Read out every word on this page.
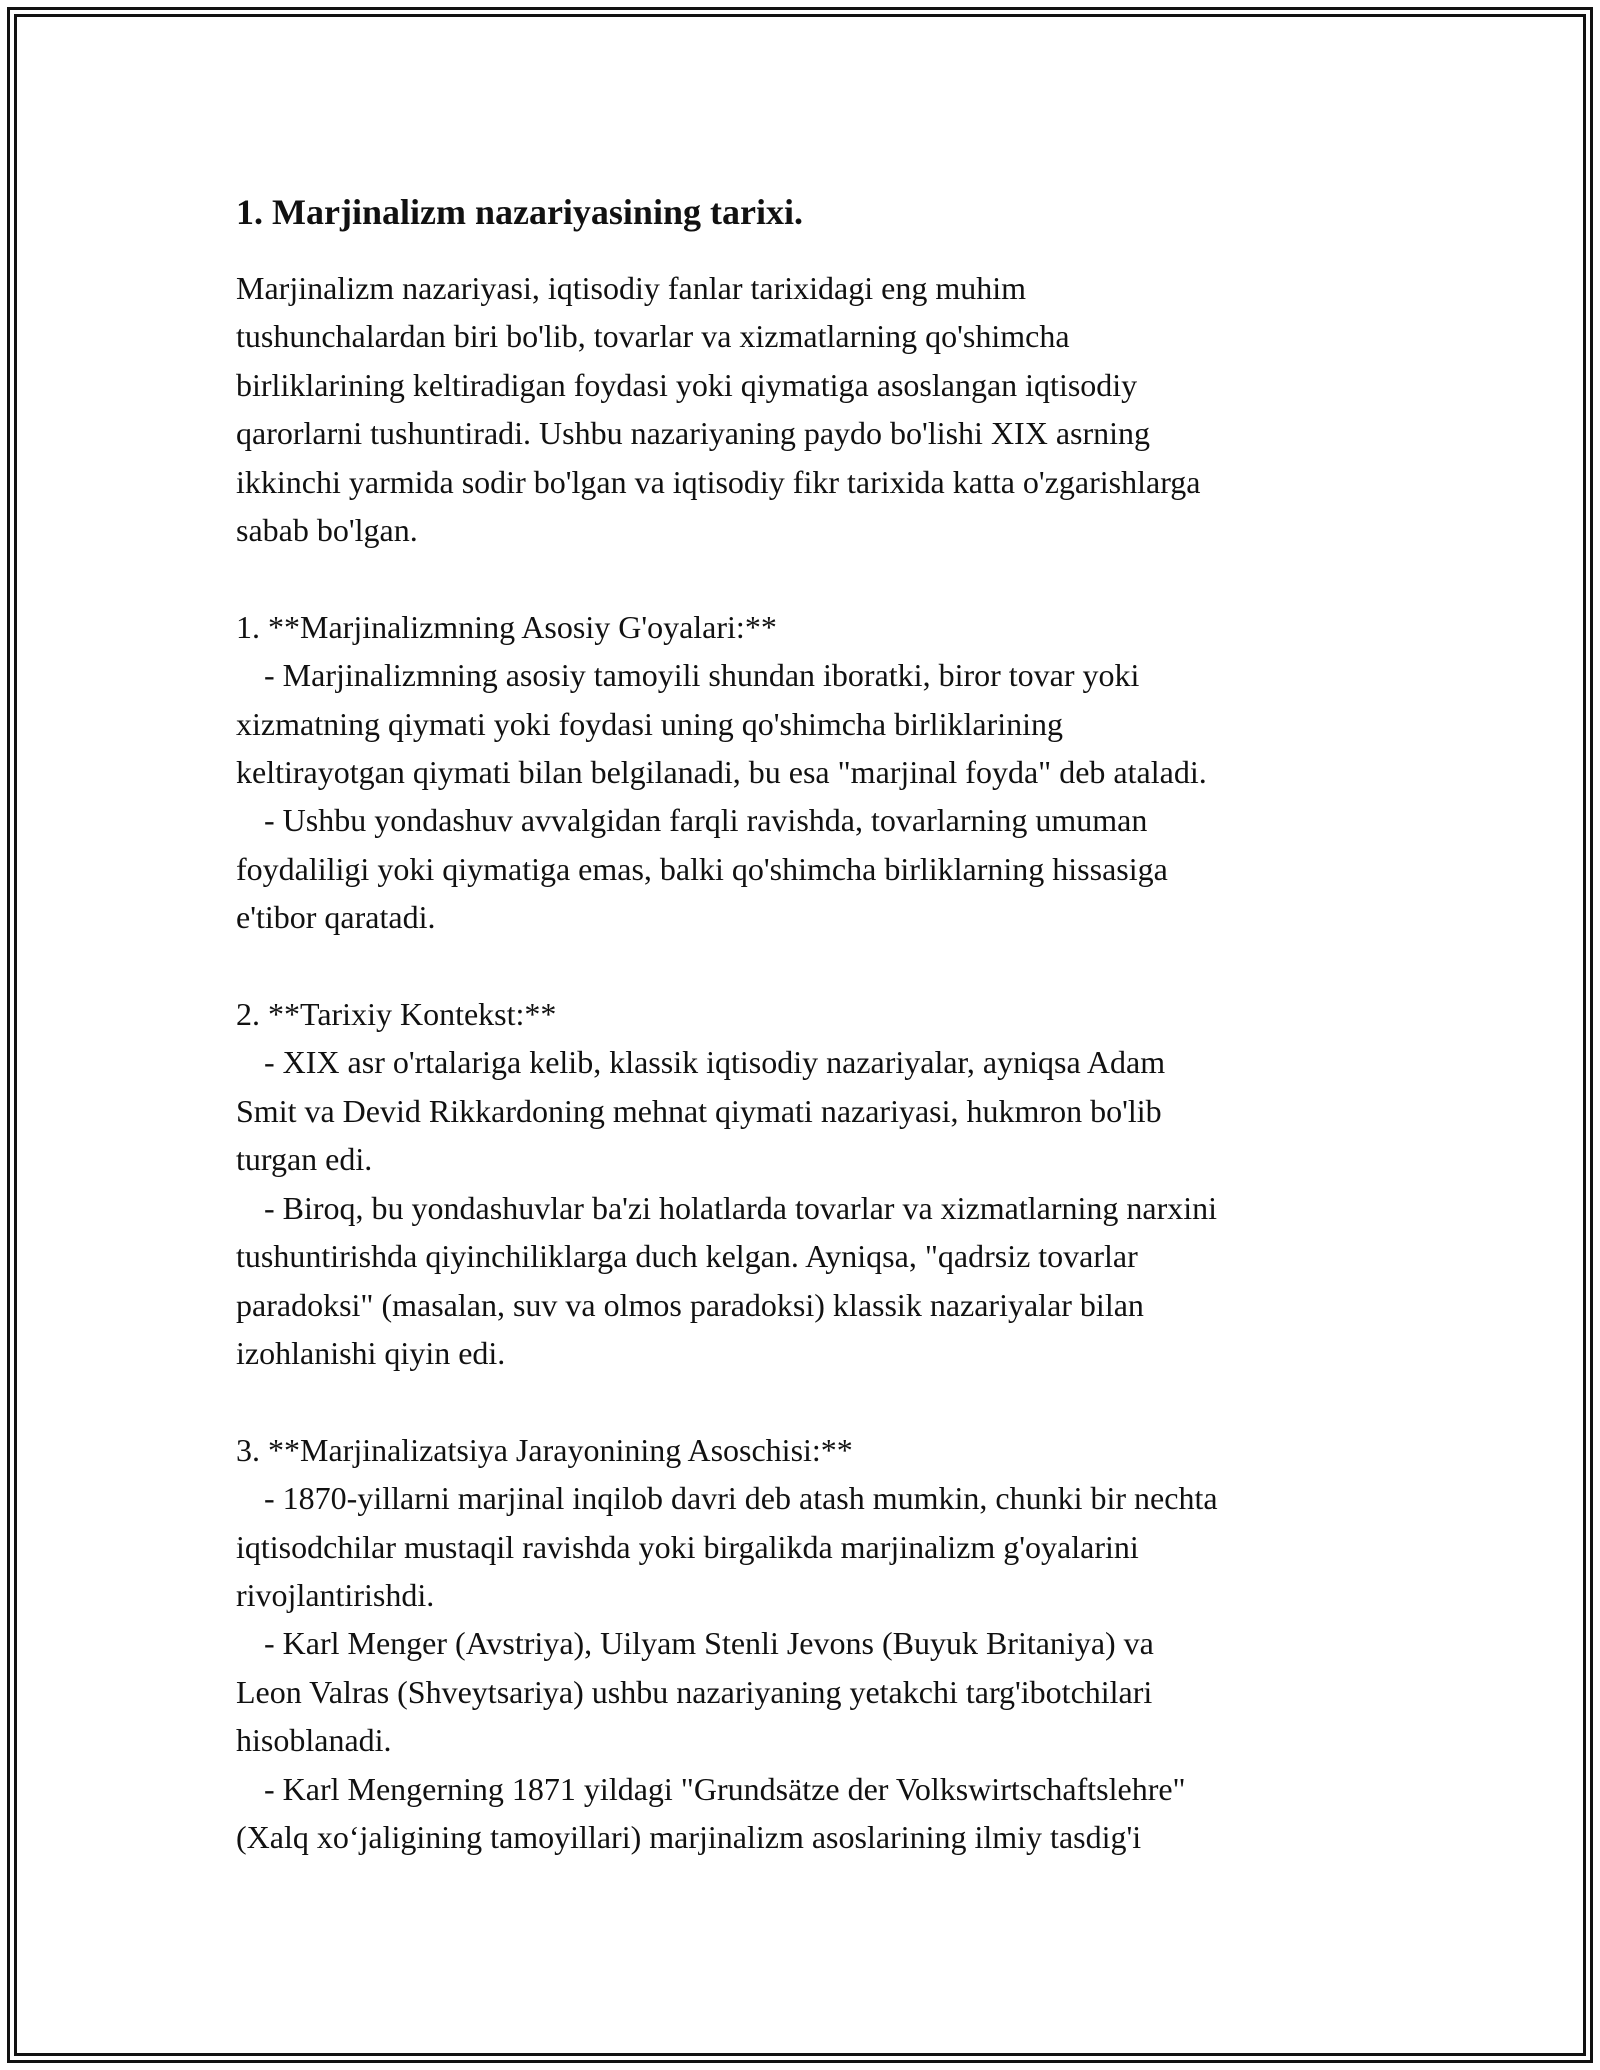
1. Marjinalizm nazariyasining tarixi.
Marjinalizm nazariyasi, iqtisodiy fanlar tarixidagi eng muhim
tushunchalardan biri bo'lib, tovarlar va xizmatlarning qo'shimcha
birliklarining keltiradigan foydasi yoki qiymatiga asoslangan iqtisodiy
qarorlarni tushuntiradi. Ushbu nazariyaning paydo bo'lishi XIX asrning
ikkinchi yarmida sodir bo'lgan va iqtisodiy fikr tarixida katta o'zgarishlarga
sabab bo'lgan.
1. **Marjinalizmning Asosiy G'oyalari:**
- Marjinalizmning asosiy tamoyili shundan iboratki, biror tovar yoki
xizmatning qiymati yoki foydasi uning qo'shimcha birliklarining
keltirayotgan qiymati bilan belgilanadi, bu esa "marjinal foyda" deb ataladi.
- Ushbu yondashuv avvalgidan farqli ravishda, tovarlarning umuman
foydaliligi yoki qiymatiga emas, balki qo'shimcha birliklarning hissasiga
e'tibor qaratadi.
2. **Tarixiy Kontekst:**
- XIX asr o'rtalariga kelib, klassik iqtisodiy nazariyalar, ayniqsa Adam
Smit va Devid Rikkardoning mehnat qiymati nazariyasi, hukmron bo'lib
turgan edi.
- Biroq, bu yondashuvlar ba'zi holatlarda tovarlar va xizmatlarning narxini
tushuntirishda qiyinchiliklarga duch kelgan. Ayniqsa, "qadrsiz tovarlar
paradoksi" (masalan, suv va olmos paradoksi) klassik nazariyalar bilan
izohlanishi qiyin edi.
3. **Marjinalizatsiya Jarayonining Asoschisi:**
- 1870-yillarni marjinal inqilob davri deb atash mumkin, chunki bir nechta
iqtisodchilar mustaqil ravishda yoki birgalikda marjinalizm g'oyalarini
rivojlantirishdi.
- Karl Menger (Avstriya), Uilyam Stenli Jevons (Buyuk Britaniya) va
Leon Valras (Shveytsariya) ushbu nazariyaning yetakchi targ'ibotchilari
hisoblanadi.
- Karl Mengerning 1871 yildagi "Grundsätze der Volkswirtschaftslehre"
(Xalq xo‘jaligining tamoyillari) marjinalizm asoslarining ilmiy tasdig'i
